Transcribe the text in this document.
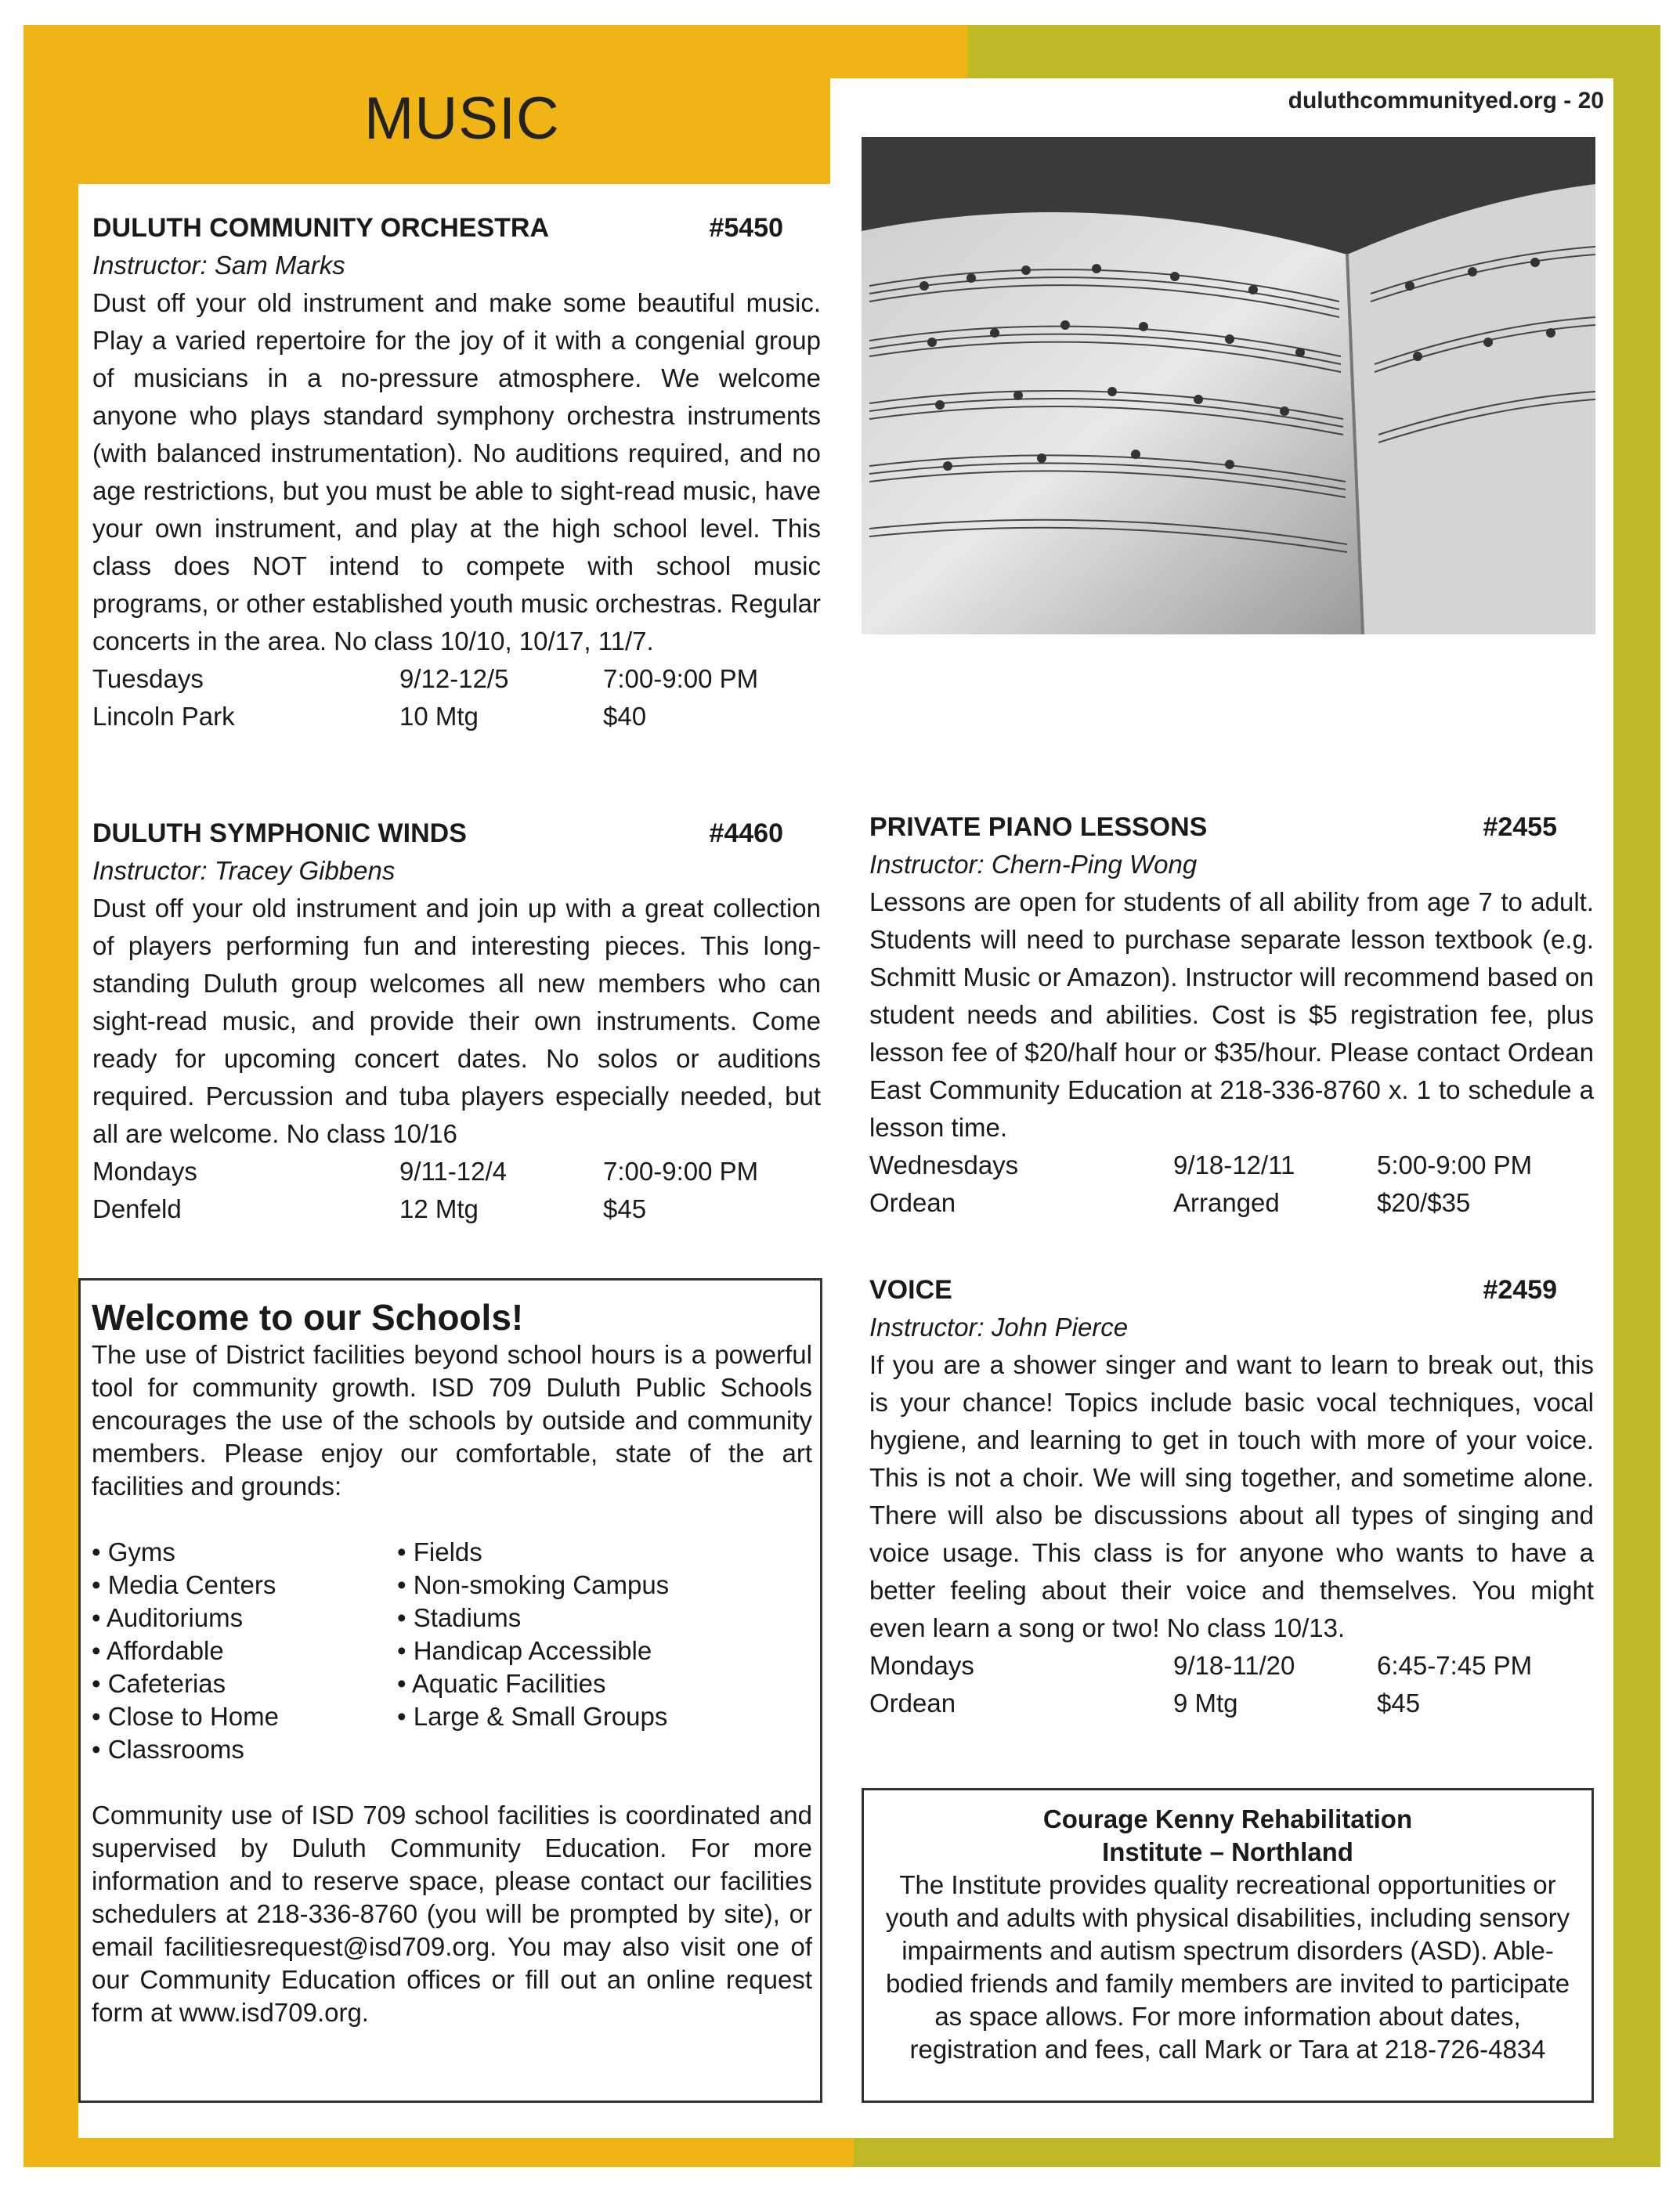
MUSIC	duluthcommunityed.org - 20
DULUTH COMMUNITY ORCHESTRA	#5450
Instructor: Sam Marks
Dust off your old instrument and make some beautiful music. Play a varied repertoire for the joy of it with a congenial group of musicians in a no-pressure atmosphere. We welcome anyone who plays standard symphony orchestra instruments (with balanced instrumentation). No auditions required, and no age restrictions, but you must be able to sight-read music, have your own instrument, and play at the high school level. This class does NOT intend to compete with school music programs, or other established youth music orchestras. Regular concerts in the area. No class 10/10, 10/17, 11/7.
Tuesdays	9/12-12/5	7:00-9:00 PM
Lincoln Park	10 Mtg	$40
DULUTH SYMPHONIC WINDS	#4460
Instructor: Tracey Gibbens
Dust off your old instrument and join up with a great collection of players performing fun and interesting pieces. This long-standing Duluth group welcomes all new members who can sight-read music, and provide their own instruments. Come ready for upcoming concert dates. No solos or auditions required. Percussion and tuba players especially needed, but all are welcome. No class 10/16
Mondays	9/11-12/4	7:00-9:00 PM
Denfeld	12 Mtg	$45
PRIVATE PIANO LESSONS	#2455
Instructor: Chern-Ping Wong
Lessons are open for students of all ability from age 7 to adult. Students will need to purchase separate lesson textbook (e.g. Schmitt Music or Amazon). Instructor will recommend based on student needs and abilities. Cost is $5 registration fee, plus lesson fee of $20/half hour or $35/hour. Please contact Ordean East Community Education at 218-336-8760 x. 1 to schedule a lesson time.
Wednesdays	9/18-12/11	5:00-9:00 PM
Ordean	Arranged	$20/$35
VOICE	#2459
Instructor: John Pierce
If you are a shower singer and want to learn to break out, this is your chance! Topics include basic vocal techniques, vocal hygiene, and learning to get in touch with more of your voice. This is not a choir. We will sing together, and sometime alone. There will also be discussions about all types of singing and voice usage. This class is for anyone who wants to have a better feeling about their voice and themselves. You might even learn a song or two! No class 10/13.
Mondays	9/18-11/20	6:45-7:45 PM
Ordean	9 Mtg	$45
Welcome to our Schools!
The use of District facilities beyond school hours is a powerful tool for community growth. ISD 709 Duluth Public Schools encourages the use of the schools by outside and community members. Please enjoy our comfortable, state of the art facilities and grounds:
• Gyms
• Media Centers
• Auditoriums
• Affordable
• Cafeterias
• Close to Home
• Classrooms
• Fields
• Non-smoking Campus
• Stadiums
• Handicap Accessible
• Aquatic Facilities
• Large & Small Groups
Community use of ISD 709 school facilities is coordinated and supervised by Duluth Community Education. For more information and to reserve space, please contact our facilities schedulers at 218-336-8760 (you will be prompted by site), or email facilitiesrequest@isd709.org. You may also visit one of our Community Education offices or fill out an online request form at www.isd709.org.
Courage Kenny Rehabilitation
Institute – Northland
The Institute provides quality recreational opportunities or youth and adults with physical disabilities, including sensory impairments and autism spectrum disorders (ASD). Able-bodied friends and family members are invited to participate as space allows. For more information about dates, registration and fees, call Mark or Tara at 218-726-4834
